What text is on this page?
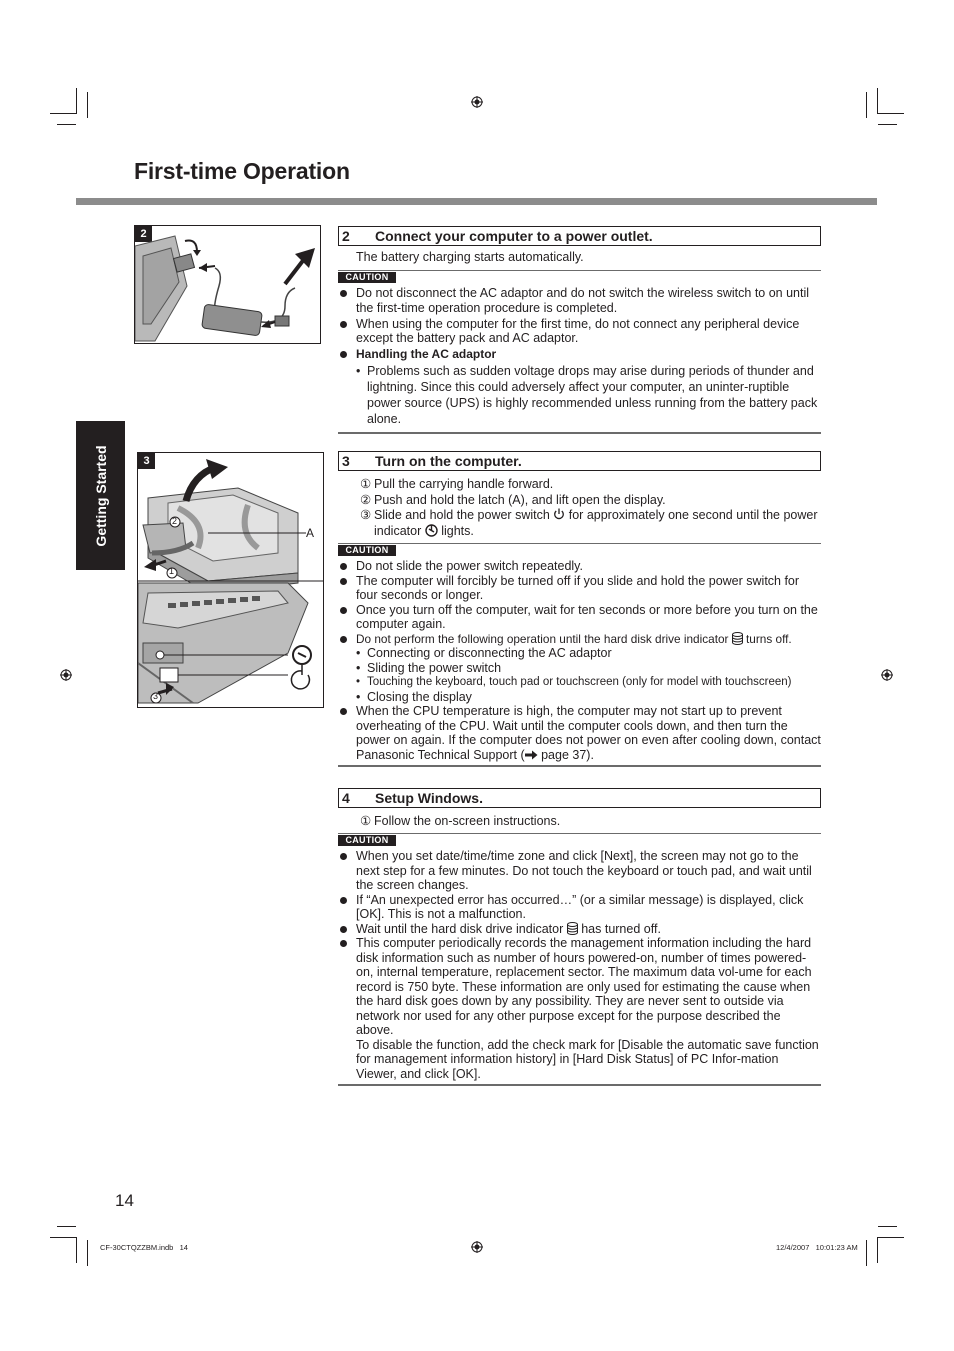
First-time Operation
Getting Started
2	2 Connect your computer to a power outlet.
The battery charging starts automatically.
CAUTION

Do not disconnect the AC adaptor and do not switch the wireless switch to on until the first-time operation procedure is completed.

When using the computer for the first time, do not connect any peripheral device except the battery pack and AC adaptor.

Handling the AC adaptor

• Problems such as sudden voltage drops may arise during periods of thunder and lightning. Since this could adversely affect your computer, an uninter-ruptible power source (UPS) is highly recommended unless running from the battery pack alone.
3
A
1
2
3
3 Turn on the computer.
① Pull the carrying handle forward.
② Push and hold the latch (A), and lift open the display.
③ Slide and hold the power switch  for approximately one second until the power indicator  lights.
CAUTION

Do not slide the power switch repeatedly.

The computer will forcibly be turned off if you slide and hold the power switch for four seconds or longer.

Once you turn off the computer, wait for ten seconds or more before you turn on the computer again.

Do not perform the following operation until the hard disk drive indicator  turns off.

• Connecting or disconnecting the AC adaptor
• Sliding the power switch
• Touching the keyboard, touch pad or touchscreen (only for model with touchscreen)
• Closing the display

When the CPU temperature is high, the computer may not start up to prevent overheating of the CPU. Wait until the computer cools down, and then turn the power on again. If the computer does not power on even after cooling down, contact Panasonic Technical Support ( page 37).

4 Setup Windows.
① Follow the on-screen instructions.
CAUTION

When you set date/time/time zone and click [Next], the screen may not go to the next step for a few minutes. Do not touch the keyboard or touch pad, and wait until the screen changes.

If “An unexpected error has occurred…” (or a similar message) is displayed, click [OK]. This is not a malfunction.

Wait until the hard disk drive indicator  has turned off.

This computer periodically records the management information including the hard disk information such as number of hours powered-on, number of times powered-on, internal temperature, replacement sector. The maximum data vol-ume for each record is 750 byte. These information are only used for estimating the cause when the hard disk goes down by any possibility. They are never sent to outside via network nor used for any other purpose except for the purpose described the above.

To disable the function, add the check mark for [Disable the automatic save function for management information history] in [Hard Disk Status] of PC Infor-mation Viewer, and click [OK].
14
CF-30CTQZZBM.indb   14	12/4/2007   10:01:23 AM
